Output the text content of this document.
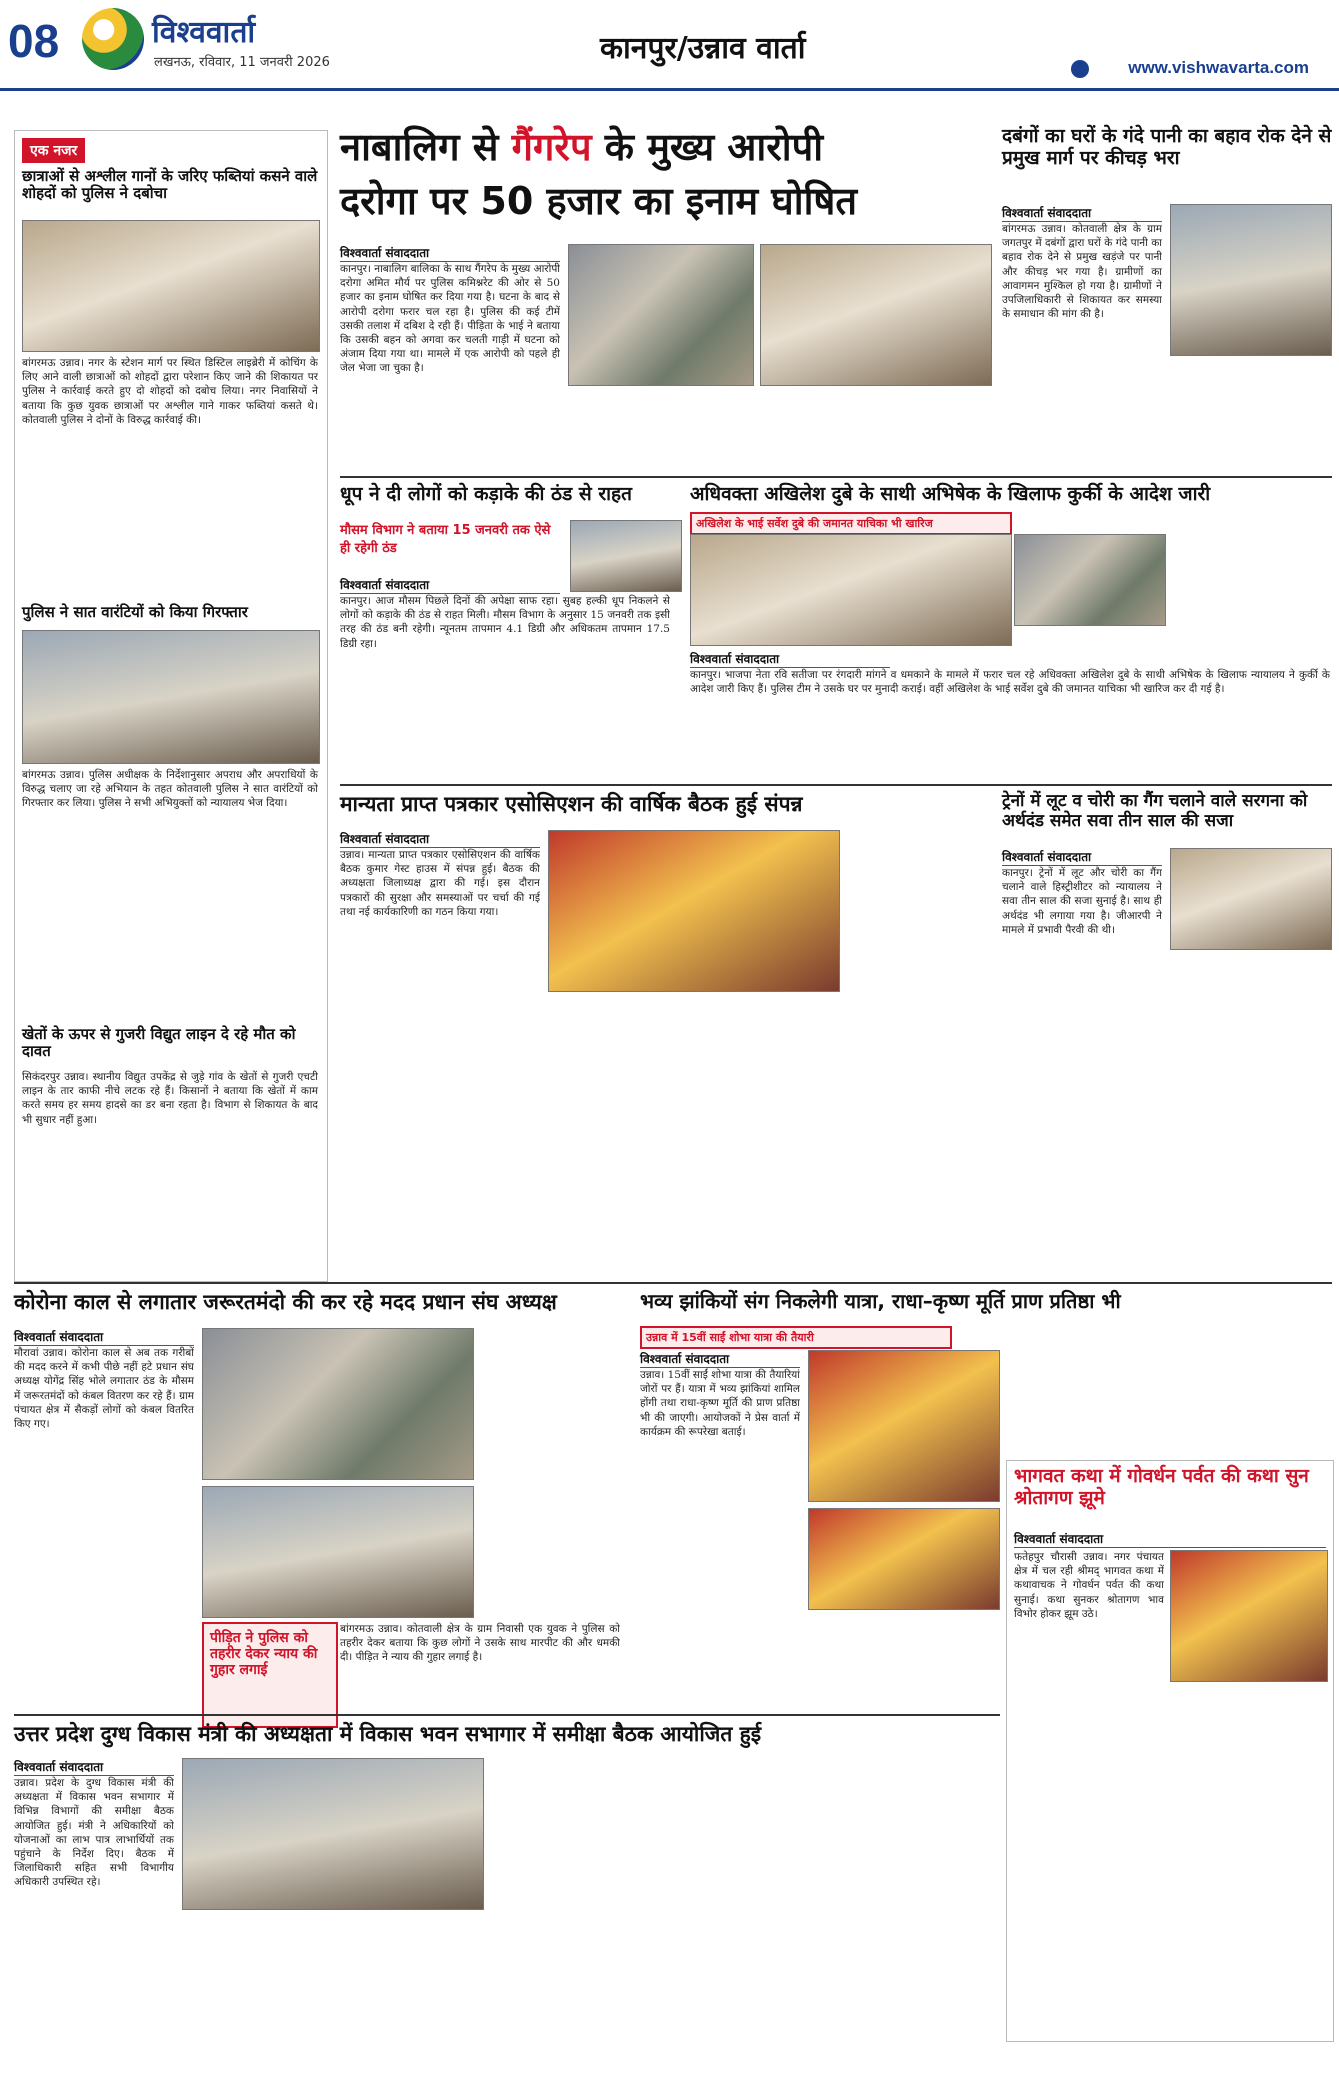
08	विश्ववार्ता
लखनऊ, रविवार, 11 जनवरी 2026	कानपुर/उन्नाव वार्ता
www.vishwavarta.com
एक नजर
छात्राओं से अश्लील गानों के जरिए फब्तियां कसने वाले शोहदों को पुलिस ने दबोचा
बांगरमऊ उन्नाव। नगर के स्टेशन मार्ग पर स्थित डिस्टिल लाइब्रेरी में कोचिंग के लिए आने वाली छात्राओं को शोहदों द्वारा परेशान किए जाने की शिकायत पर पुलिस ने कार्रवाई करते हुए दो शोहदों को दबोच लिया। नगर निवासियों ने बताया कि कुछ युवक छात्राओं पर अश्लील गाने गाकर फब्तियां कसते थे। कोतवाली पुलिस ने दोनों के विरुद्ध कार्रवाई की।
पुलिस ने सात वारंटियों को किया गिरफ्तार
बांगरमऊ उन्नाव। पुलिस अधीक्षक के निर्देशानुसार अपराध और अपराधियों के विरुद्ध चलाए जा रहे अभियान के तहत कोतवाली पुलिस ने सात वारंटियों को गिरफ्तार कर लिया। पुलिस ने सभी अभियुक्तों को न्यायालय भेज दिया।
खेतों के ऊपर से गुजरी विद्युत लाइन दे रहे मौत को दावत
सिकंदरपुर उन्नाव। स्थानीय विद्युत उपकेंद्र से जुड़े गांव के खेतों से गुजरी एचटी लाइन के तार काफी नीचे लटक रहे हैं। किसानों ने बताया कि खेतों में काम करते समय हर समय हादसे का डर बना रहता है। विभाग से शिकायत के बाद भी सुधार नहीं हुआ।
नाबालिग से गैंगरेप के मुख्य आरोपी
दरोगा पर 50 हजार का इनाम घोषित
विश्ववार्ता संवाददाता
कानपुर। नाबालिग बालिका के साथ गैंगरेप के मुख्य आरोपी दरोगा अमित मौर्य पर पुलिस कमिश्नरेट की ओर से 50 हजार का इनाम घोषित कर दिया गया है। घटना के बाद से आरोपी दरोगा फरार चल रहा है। पुलिस की कई टीमें उसकी तलाश में दबिश दे रही हैं। पीड़िता के भाई ने बताया कि उसकी बहन को अगवा कर चलती गाड़ी में घटना को अंजाम दिया गया था। मामले में एक आरोपी को पहले ही जेल भेजा जा चुका है।
दबंगों का घरों के गंदे पानी का बहाव रोक देने से प्रमुख मार्ग पर कीचड़ भरा
विश्ववार्ता संवाददाता
बांगरमऊ उन्नाव। कोतवाली क्षेत्र के ग्राम जगतपुर में दबंगों द्वारा घरों के गंदे पानी का बहाव रोक देने से प्रमुख खड़ंजे पर पानी और कीचड़ भर गया है। ग्रामीणों का आवागमन मुश्किल हो गया है। ग्रामीणों ने उपजिलाधिकारी से शिकायत कर समस्या के समाधान की मांग की है।
धूप ने दी लोगों को कड़ाके की ठंड से राहत
मौसम विभाग ने बताया 15 जनवरी तक ऐसे ही रहेगी ठंड
विश्ववार्ता संवाददाता
कानपुर। आज मौसम पिछले दिनों की अपेक्षा साफ रहा। सुबह हल्की धूप निकलने से लोगों को कड़ाके की ठंड से राहत मिली। मौसम विभाग के अनुसार 15 जनवरी तक इसी तरह की ठंड बनी रहेगी। न्यूनतम तापमान 4.1 डिग्री और अधिकतम तापमान 17.5 डिग्री रहा।
अधिवक्ता अखिलेश दुबे के साथी अभिषेक के खिलाफ कुर्की के आदेश जारी
अखिलेश के भाई सर्वेश दुबे की जमानत याचिका भी खारिज
विश्ववार्ता संवाददाता
कानपुर। भाजपा नेता रवि सतीजा पर रंगदारी मांगने व धमकाने के मामले में फरार चल रहे अधिवक्ता अखिलेश दुबे के साथी अभिषेक के खिलाफ न्यायालय ने कुर्की के आदेश जारी किए हैं। पुलिस टीम ने उसके घर पर मुनादी कराई। वहीं अखिलेश के भाई सर्वेश दुबे की जमानत याचिका भी खारिज कर दी गई है।
मान्यता प्राप्त पत्रकार एसोसिएशन की वार्षिक बैठक हुई संपन्न
विश्ववार्ता संवाददाता
उन्नाव। मान्यता प्राप्त पत्रकार एसोसिएशन की वार्षिक बैठक कुमार गेस्ट हाउस में संपन्न हुई। बैठक की अध्यक्षता जिलाध्यक्ष द्वारा की गई। इस दौरान पत्रकारों की सुरक्षा और समस्याओं पर चर्चा की गई तथा नई कार्यकारिणी का गठन किया गया।
ट्रेनों में लूट व चोरी का गैंग चलाने वाले सरगना को अर्थदंड समेत सवा तीन साल की सजा
विश्ववार्ता संवाददाता
कानपुर। ट्रेनों में लूट और चोरी का गैंग चलाने वाले हिस्ट्रीशीटर को न्यायालय ने सवा तीन साल की सजा सुनाई है। साथ ही अर्थदंड भी लगाया गया है। जीआरपी ने मामले में प्रभावी पैरवी की थी।
कोरोना काल से लगातार जरूरतमंदो की कर रहे मदद प्रधान संघ अध्यक्ष
विश्ववार्ता संवाददाता
मौरावां उन्नाव। कोरोना काल से अब तक गरीबों की मदद करने में कभी पीछे नहीं हटे प्रधान संघ अध्यक्ष योगेंद्र सिंह भोले लगातार ठंड के मौसम में जरूरतमंदों को कंबल वितरण कर रहे हैं। ग्राम पंचायत क्षेत्र में सैकड़ों लोगों को कंबल वितरित किए गए।
पीड़ित ने पुलिस को तहरीर देकर न्याय की गुहार लगाई
बांगरमऊ उन्नाव। कोतवाली क्षेत्र के ग्राम निवासी एक युवक ने पुलिस को तहरीर देकर बताया कि कुछ लोगों ने उसके साथ मारपीट की और धमकी दी। पीड़ित ने न्याय की गुहार लगाई है।
भव्य झांकियों संग निकलेगी यात्रा, राधा–कृष्ण मूर्ति प्राण प्रतिष्ठा भी
उन्नाव में 15वीं साईं शोभा यात्रा की तैयारी
विश्ववार्ता संवाददाता
उन्नाव। 15वीं साईं शोभा यात्रा की तैयारियां जोरों पर हैं। यात्रा में भव्य झांकियां शामिल होंगी तथा राधा-कृष्ण मूर्ति की प्राण प्रतिष्ठा भी की जाएगी। आयोजकों ने प्रेस वार्ता में कार्यक्रम की रूपरेखा बताई।
भागवत कथा में गोवर्धन पर्वत की कथा सुन श्रोतागण झूमे
विश्ववार्ता संवाददाता
फतेहपुर चौरासी उन्नाव। नगर पंचायत क्षेत्र में चल रही श्रीमद् भागवत कथा में कथावाचक ने गोवर्धन पर्वत की कथा सुनाई। कथा सुनकर श्रोतागण भाव विभोर होकर झूम उठे।
उत्तर प्रदेश दुग्ध विकास मंत्री की अध्यक्षता में विकास भवन सभागार में समीक्षा बैठक आयोजित हुई
विश्ववार्ता संवाददाता
उन्नाव। प्रदेश के दुग्ध विकास मंत्री की अध्यक्षता में विकास भवन सभागार में विभिन्न विभागों की समीक्षा बैठक आयोजित हुई। मंत्री ने अधिकारियों को योजनाओं का लाभ पात्र लाभार्थियों तक पहुंचाने के निर्देश दिए। बैठक में जिलाधिकारी सहित सभी विभागीय अधिकारी उपस्थित रहे।
